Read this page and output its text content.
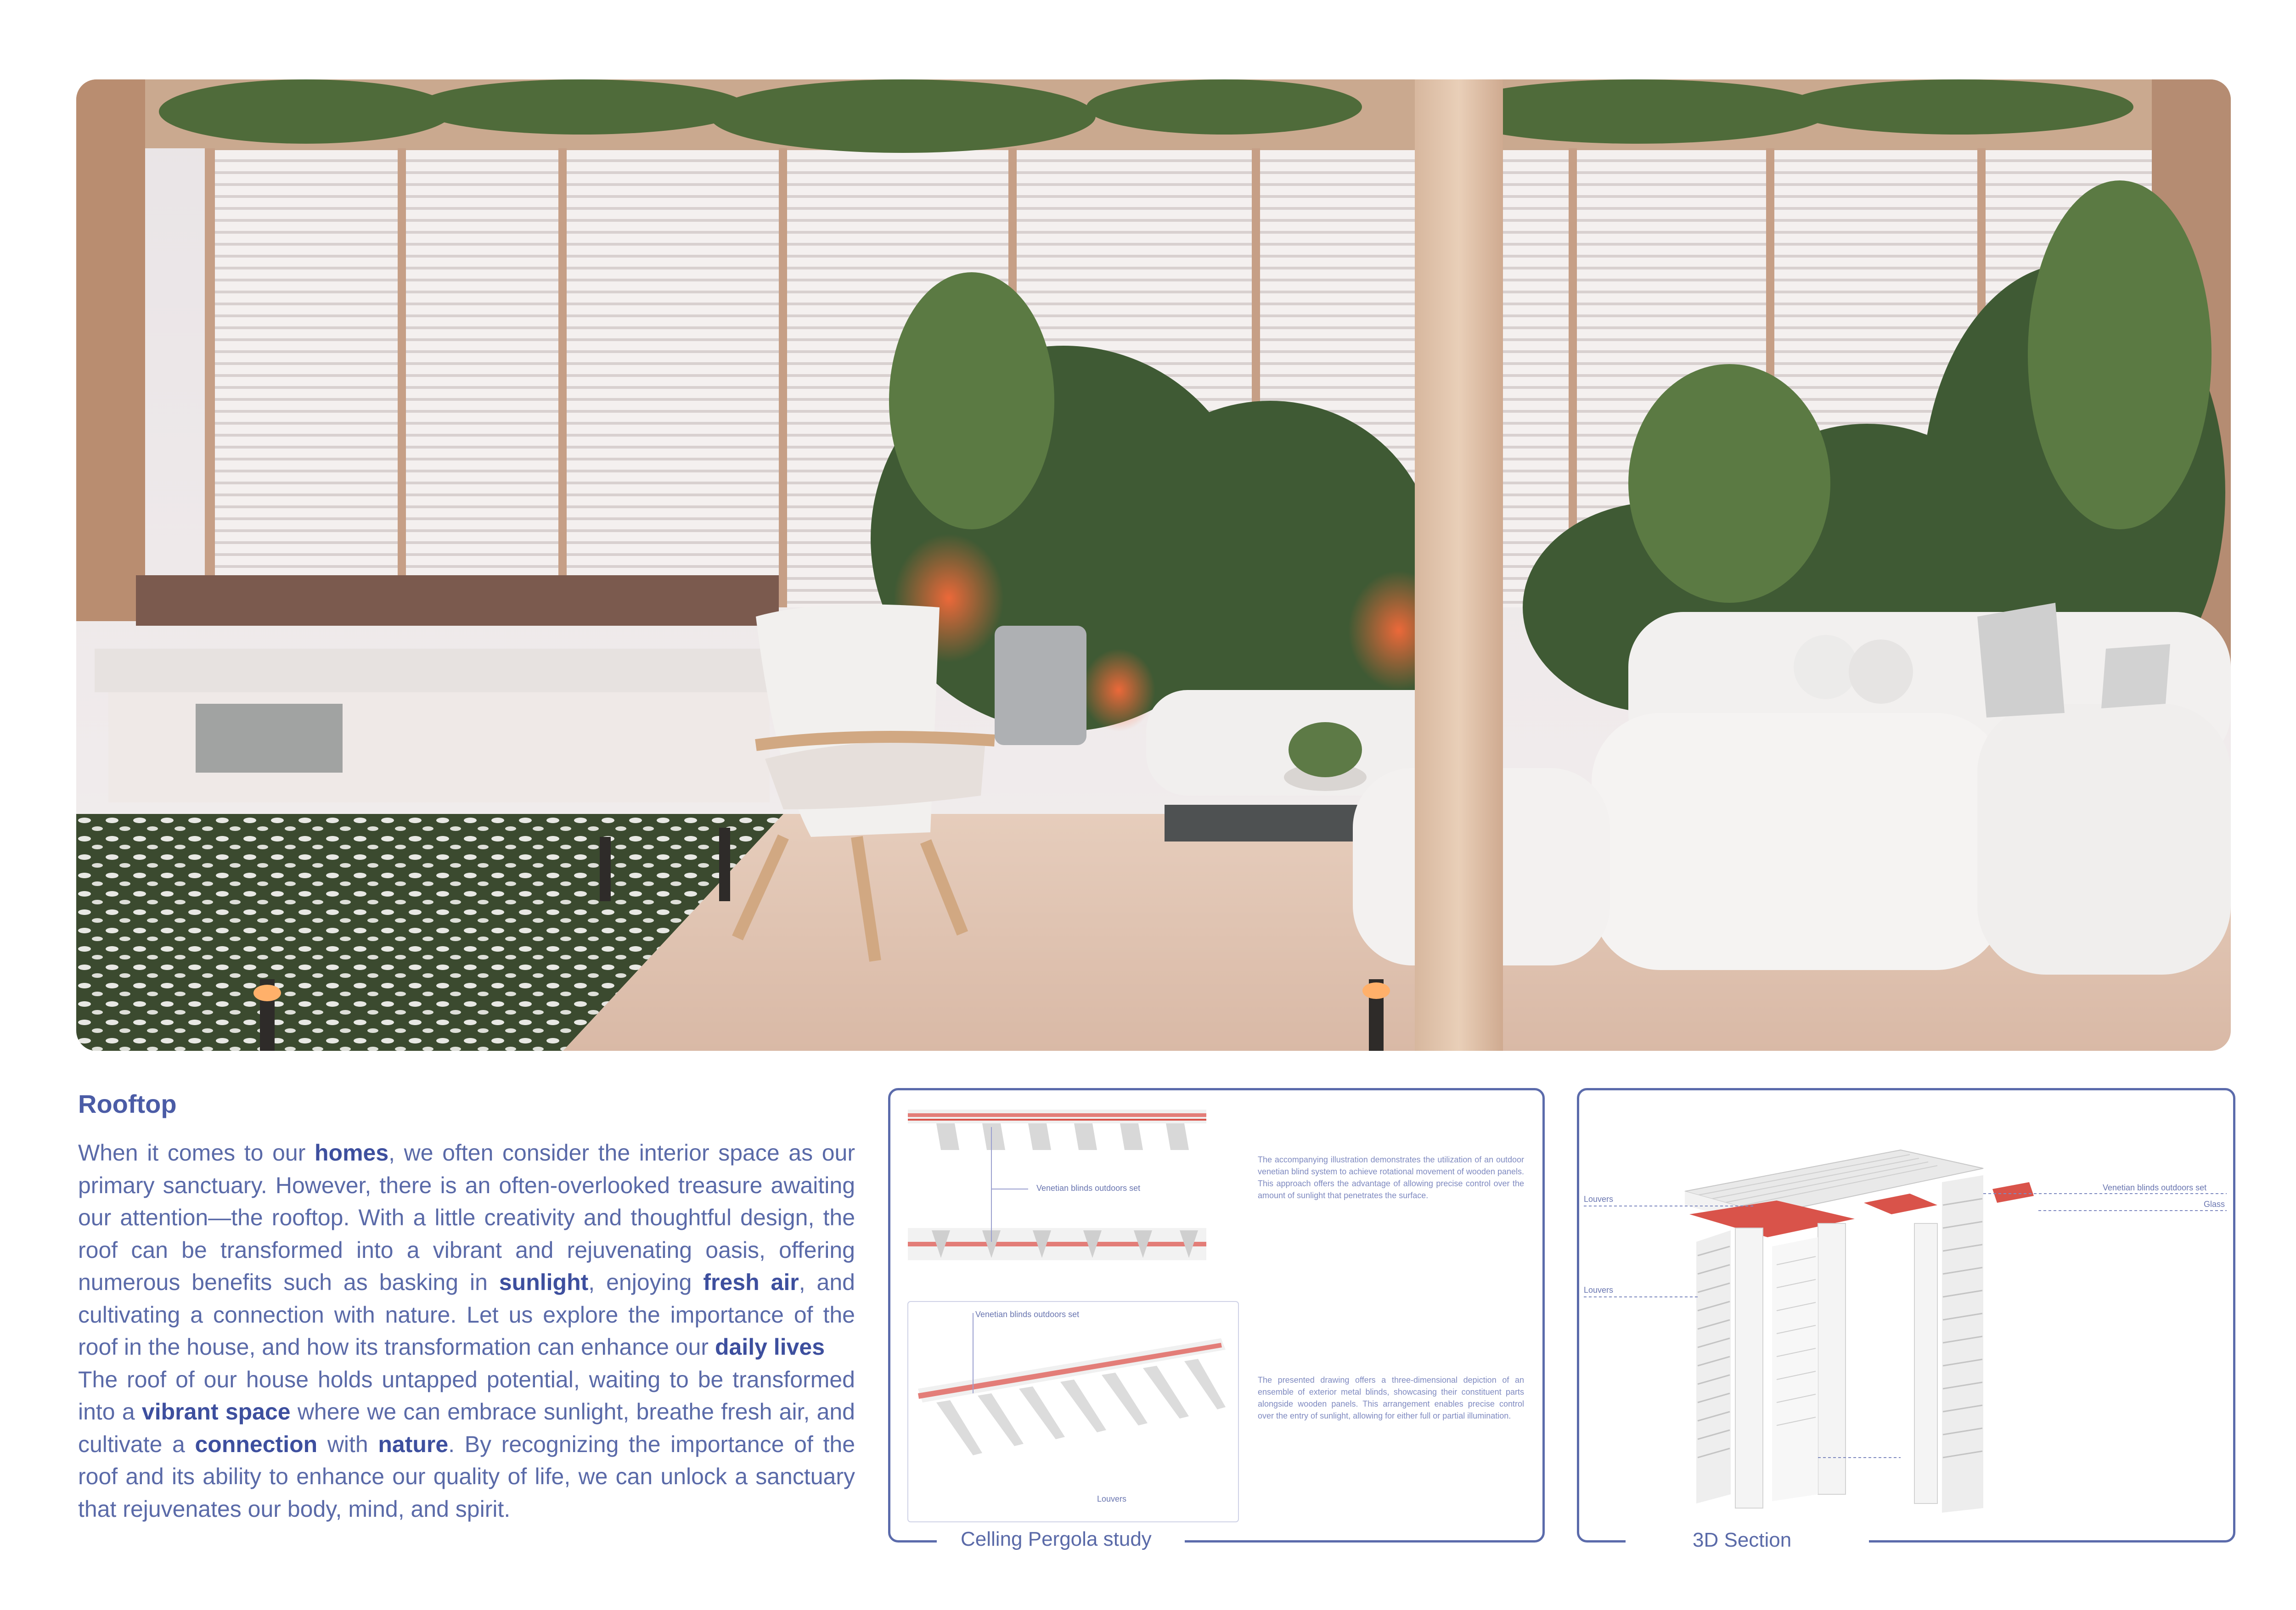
Rooftop
When it comes to our homes, we often consider the interior space as our primary sanctuary. However, there is an often-overlooked treasure awaiting our attention—the rooftop. With a little creativity and thoughtful design, the roof can be transformed into a vibrant and rejuvenating oasis, offering numerous benefits such as basking in sunlight, enjoying fresh air, and cultivating a connection with nature. Let us explore the importance of the roof in the house, and how its transformation can enhance our daily lives
The roof of our house holds untapped potential, waiting to be transformed into a vibrant space where we can embrace sunlight, breathe fresh air, and cultivate a connection with nature. By recognizing the importance of the roof and its ability to enhance our quality of life, we can unlock a sanctuary that rejuvenates our body, mind, and spirit.
Venetian blinds outdoors set
Venetian blinds outdoors set
Louvers
The accompanying illustration demonstrates the utilization of an outdoor venetian blind system to achieve rotational movement of wooden panels. This approach offers the advantage of allowing precise control over the amount of sunlight that penetrates the surface.
The presented drawing offers a three-dimensional depiction of an ensemble of exterior metal blinds, showcasing their constituent parts alongside wooden panels. This arrangement enables precise control over the entry of sunlight, allowing for either full or partial illumination.
Celling Pergola study
Louvers
Louvers
Venetian blinds outdoors set
Glass
3D Section
